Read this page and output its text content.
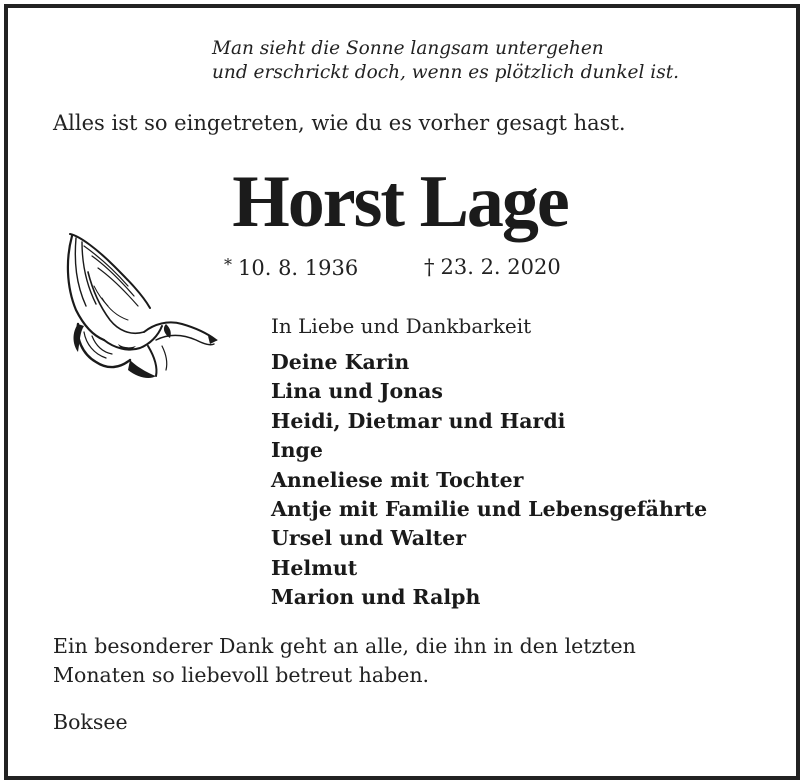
Man sieht die Sonne langsam untergehen
und erschrickt doch, wenn es plötzlich dunkel ist.
Alles ist so eingetreten, wie du es vorher gesagt hast.
Horst Lage
* 10. 8. 1936	† 23. 2. 2020
In Liebe und Dankbarkeit
Deine Karin
Lina und Jonas
Heidi, Dietmar und Hardi
Inge
Anneliese mit Tochter
Antje mit Familie und Lebensgefährte
Ursel und Walter
Helmut
Marion und Ralph
Ein besonderer Dank geht an alle, die ihn in den letzten
Monaten so liebevoll betreut haben.
Boksee
